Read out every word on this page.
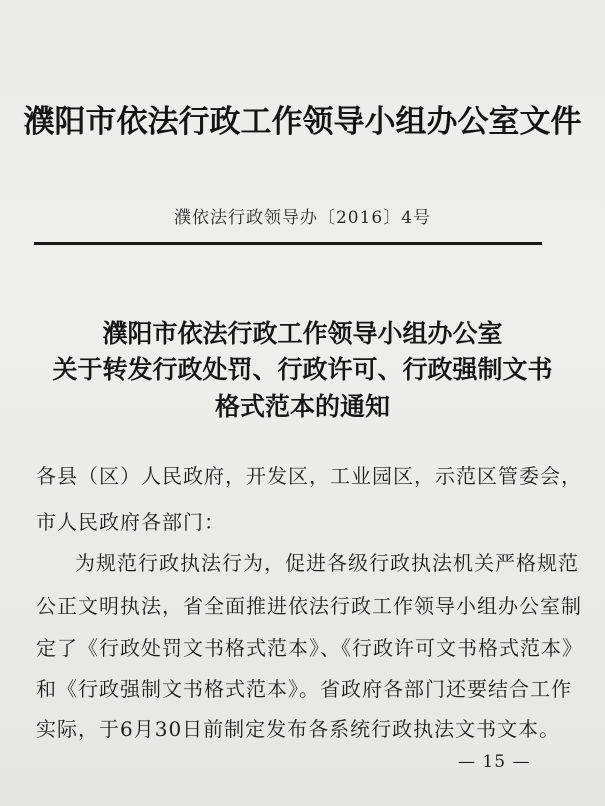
濮阳市依法行政工作领导小组办公室文件
濮依法行政领导办〔2016〕4号
濮阳市依法行政工作领导小组办公室
关于转发行政处罚、行政许可、行政强制文书
格式范本的通知
各县（区）人民政府，开发区，工业园区，示范区管委会，
市人民政府各部门：
为规范行政执法行为，促进各级行政执法机关严格规范
公正文明执法，省全面推进依法行政工作领导小组办公室制
定了《行政处罚文书格式范本》、《行政许可文书格式范本》
和《行政强制文书格式范本》。省政府各部门还要结合工作
实际，于6月30日前制定发布各系统行政执法文书文本。
— 15 —
